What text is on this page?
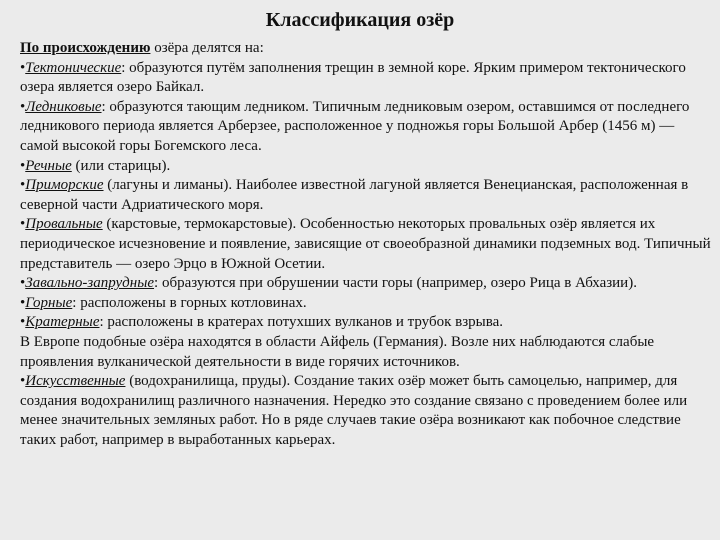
Классификация озёр

По происхождению озёра делятся на:

•Тектонические: образуются путём заполнения трещин в земной коре. Ярким примером тектонического озера является озеро Байкал.

•Ледниковые: образуются тающим ледником. Типичным ледниковым озером, оставшимся от последнего ледникового периода является Арберзее, расположенное у подножья горы Большой Арбер (1456 м) — самой высокой горы Богемского леса.

•Речные (или старицы).

•Приморские (лагуны и лиманы). Наиболее известной лагуной является Венецианская, расположенная в северной части Адриатического моря.

•Провальные (карстовые, термокарстовые). Особенностью некоторых провальных озёр является их периодическое исчезновение и появление, зависящие от своеобразной динамики подземных вод. Типичный представитель — озеро Эрцо в Южной Осетии.

•Завально-запрудные: образуются при обрушении части горы (например, озеро Рица в Абхазии).

•Горные: расположены в горных котловинах.

•Кратерные: расположены в кратерах потухших вулканов и трубок взрыва.

В Европе подобные озёра находятся в области Айфель (Германия). Возле них наблюдаются слабые проявления вулканической деятельности в виде горячих источников.

•Искусственные (водохранилища, пруды). Создание таких озёр может быть самоцелью, например, для создания водохранилищ различного назначения. Нередко это создание связано с проведением более или менее значительных земляных работ. Но в ряде случаев такие озёра возникают как побочное следствие таких работ, например в выработанных карьерах.
